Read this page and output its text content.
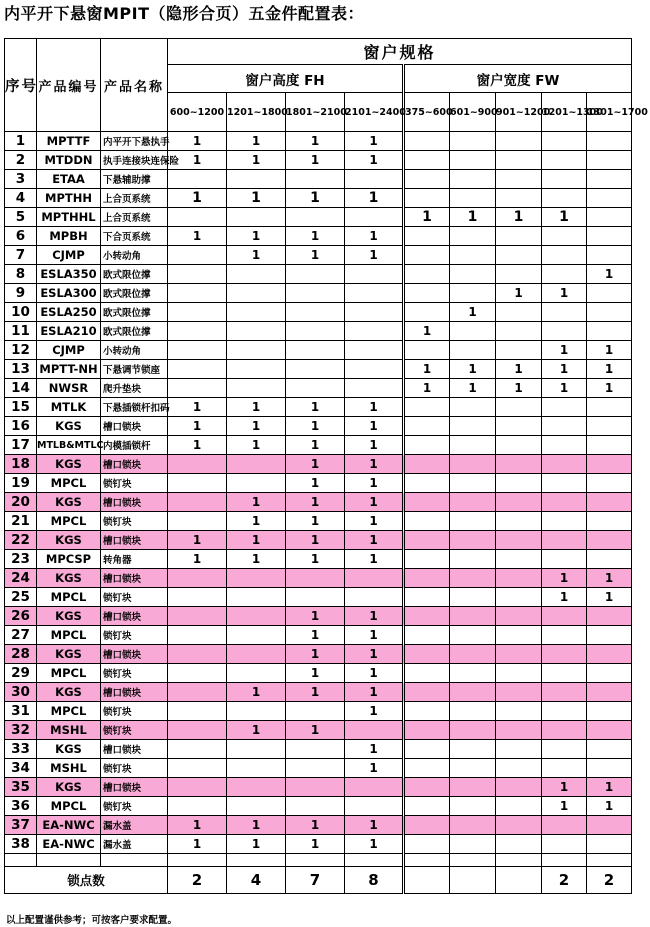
内平开下悬窗MPIT（隐形合页）五金件配置表：
序号	产品编号	产品名称	窗户规格								
			窗户高度 FH				窗户宽度 FW				
			600~1200	1201~1800	1801~2100	2101~2400	375~600	601~900	901~1200	1201~1300	1301~1700
1	MPTTF	内平开下悬执手	1	1	1	1					
2	MTDDN	执手连接块连保险	1	1	1	1					
3	ETAA	下悬辅助撑									
4	MPTHH	上合页系统	1	1	1	1					
5	MPTHHL	上合页系统					1	1	1	1	
6	MPBH	下合页系统	1	1	1	1					
7	CJMP	小转动角		1	1	1					
8	ESLA350	欧式限位撑									1
9	ESLA300	欧式限位撑							1	1	
10	ESLA250	欧式限位撑						1			
11	ESLA210	欧式限位撑					1				
12	CJMP	小转动角								1	1
13	MPTT-NH	下悬调节锁座					1	1	1	1	1
14	NWSR	爬升垫块					1	1	1	1	1
15	MTLK	下悬插锁杆扣码	1	1	1	1					
16	KGS	槽口锁块	1	1	1	1					
17	MTLB&MTLC	内模插锁杆	1	1	1	1					
18	KGS	槽口锁块			1	1					
19	MPCL	锁钉块			1	1					
20	KGS	槽口锁块		1	1	1					
21	MPCL	锁钉块		1	1	1					
22	KGS	槽口锁块	1	1	1	1					
23	MPCSP	转角器	1	1	1	1					
24	KGS	槽口锁块								1	1
25	MPCL	锁钉块								1	1
26	KGS	槽口锁块			1	1					
27	MPCL	锁钉块			1	1					
28	KGS	槽口锁块			1	1					
29	MPCL	锁钉块			1	1					
30	KGS	槽口锁块		1	1	1					
31	MPCL	锁钉块				1					
32	MSHL	锁钉块		1	1						
33	KGS	槽口锁块				1					
34	MSHL	锁钉块				1					
35	KGS	槽口锁块								1	1
36	MPCL	锁钉块								1	1
37	EA-NWC	漏水盖	1	1	1	1					
38	EA-NWC	漏水盖	1	1	1	1					

锁点数			2	4	7	8				2	2
以上配置谨供参考；可按客户要求配置。
